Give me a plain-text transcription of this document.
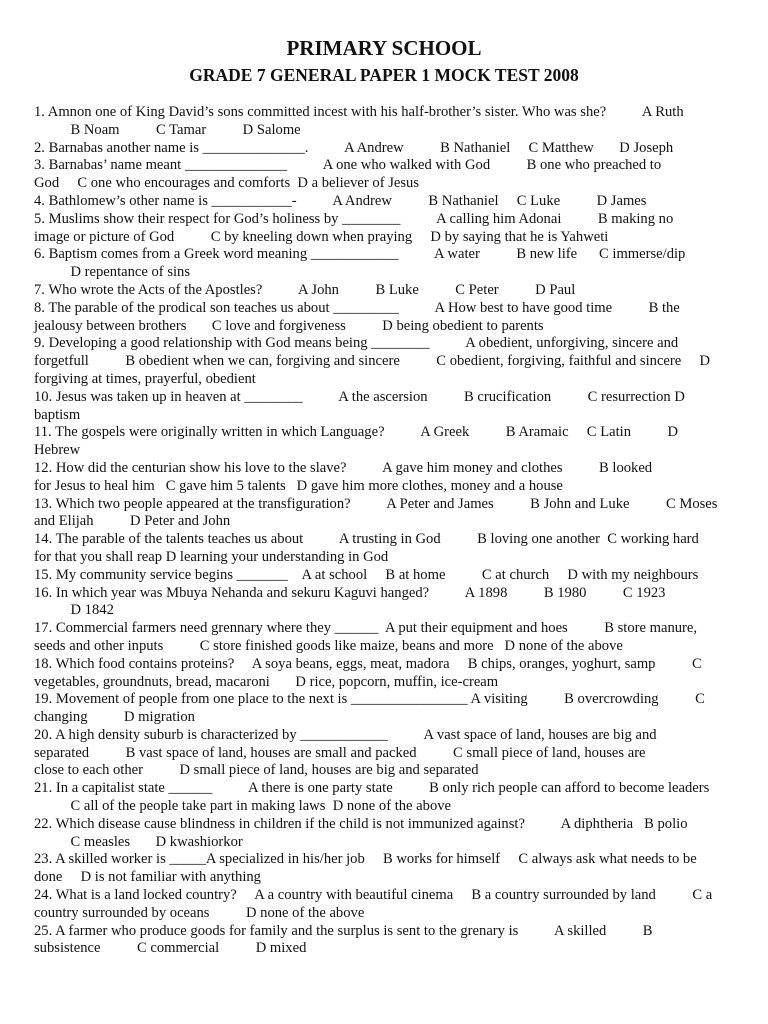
PRIMARY SCHOOL
GRADE 7 GENERAL PAPER 1 MOCK TEST 2008

1. Amnon one of King David’s sons committed incest with his half-brother’s sister. Who was she?          A Ruth
B Noam          C Tamar          D Salome

2. Barnabas another name is ______________.          A Andrew          B Nathaniel     C Matthew       D Joseph

3. Barnabas’ name meant ______________          A one who walked with God          B one who preached to
God     C one who encourages and comforts  D a believer of Jesus

4. Bathlomew’s other name is ___________-          A Andrew          B Nathaniel     C Luke          D James

5. Muslims show their respect for God’s holiness by ________          A calling him Adonai          B making no
image or picture of God          C by kneeling down when praying     D by saying that he is Yahweti

6. Baptism comes from a Greek word meaning ____________          A water          B new life      C immerse/dip
D repentance of sins

7. Who wrote the Acts of the Apostles?          A John          B Luke          C Peter          D Paul

8. The parable of the prodical son teaches us about _________          A How best to have good time          B the
jealousy between brothers       C love and forgiveness          D being obedient to parents

9. Developing a good relationship with God means being ________          A obedient, unforgiving, sincere and
forgetfull          B obedient when we can, forgiving and sincere          C obedient, forgiving, faithful and sincere     D
forgiving at times, prayerful, obedient

10. Jesus was taken up in heaven at ________          A the ascersion          B crucification          C resurrection D
baptism

11. The gospels were originally written in which Language?          A Greek          B Aramaic     C Latin          D
Hebrew

12. How did the centurian show his love to the slave?          A gave him money and clothes          B looked
for Jesus to heal him   C gave him 5 talents   D gave him more clothes, money and a house

13. Which two people appeared at the transfiguration?          A Peter and James          B John and Luke          C Moses
and Elijah          D Peter and John

14. The parable of the talents teaches us about          A trusting in God          B loving one another  C working hard
for that you shall reap D learning your understanding in God

15. My community service begins _______    A at school     B at home          C at church     D with my neighbours

16. In which year was Mbuya Nehanda and sekuru Kaguvi hanged?          A 1898          B 1980          C 1923
D 1842

17. Commercial farmers need grennary where they ______  A put their equipment and hoes          B store manure,
seeds and other inputs          C store finished goods like maize, beans and more   D none of the above

18. Which food contains proteins?     A soya beans, eggs, meat, madora     B chips, oranges, yoghurt, samp          C
vegetables, groundnuts, bread, macaroni       D rice, popcorn, muffin, ice-cream

19. Movement of people from one place to the next is ________________ A visiting          B overcrowding          C
changing          D migration

20. A high density suburb is characterized by ____________          A vast space of land, houses are big and
separated          B vast space of land, houses are small and packed          C small piece of land, houses are
close to each other          D small piece of land, houses are big and separated

21. In a capitalist state ______          A there is one party state          B only rich people can afford to become leaders
C all of the people take part in making laws  D none of the above

22. Which disease cause blindness in children if the child is not immunized against?          A diphtheria   B polio
C measles       D kwashiorkor

23. A skilled worker is _____A specialized in his/her job     B works for himself     C always ask what needs to be
done     D is not familiar with anything

24. What is a land locked country?     A a country with beautiful cinema     B a country surrounded by land          C a
country surrounded by oceans          D none of the above

25. A farmer who produce goods for family and the surplus is sent to the grenary is          A skilled          B
subsistence          C commercial          D mixed
